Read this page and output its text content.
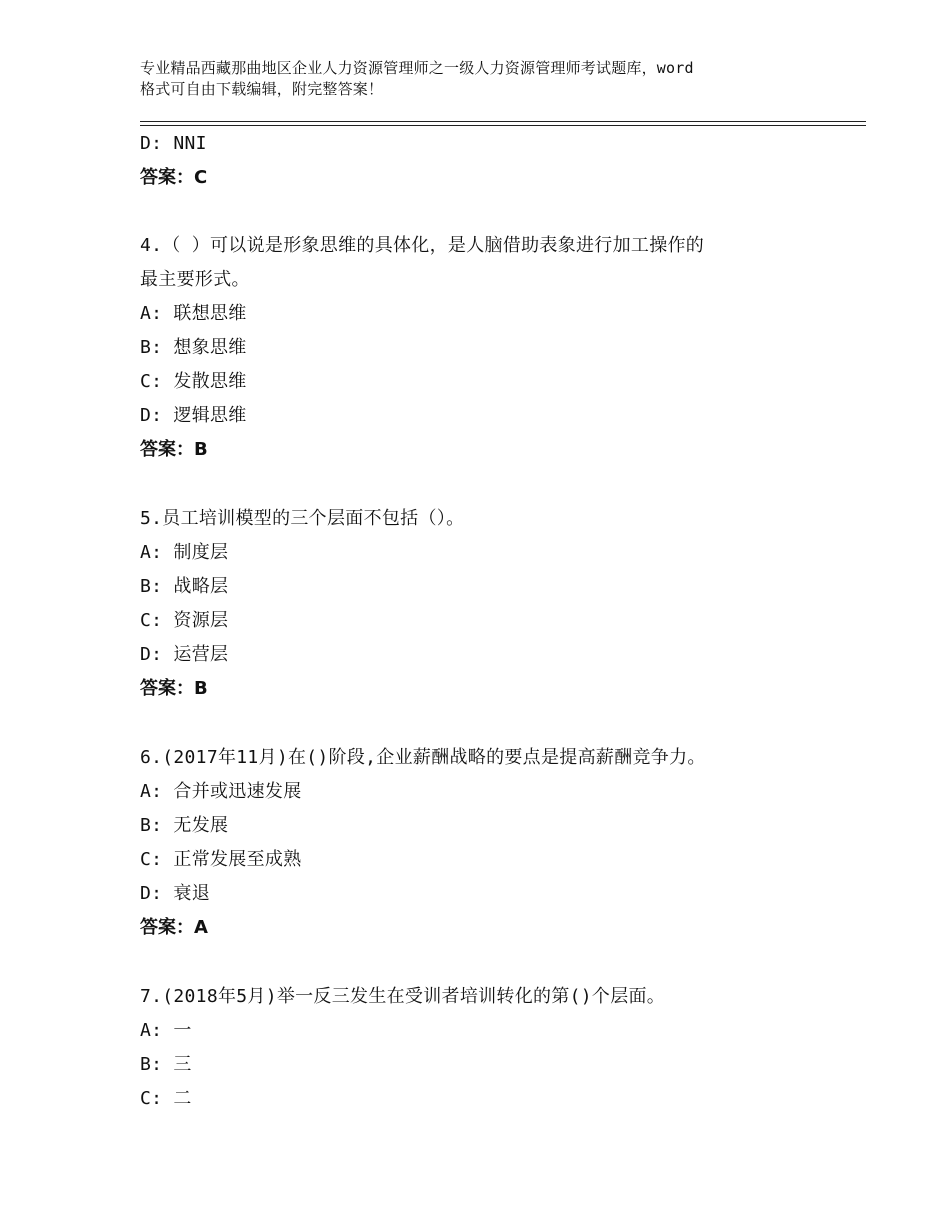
专业精品西藏那曲地区企业人力资源管理师之一级人力资源管理师考试题库，word
格式可自由下载编辑，附完整答案！
D: NNI
答案：C
4.（ ）可以说是形象思维的具体化，是人脑借助表象进行加工操作的
最主要形式。
A: 联想思维
B: 想象思维
C: 发散思维
D: 逻辑思维
答案：B
5.员工培训模型的三个层面不包括（）。
A: 制度层
B: 战略层
C: 资源层
D: 运营层
答案：B
6.(2017年11月)在()阶段,企业薪酬战略的要点是提高薪酬竞争力。
A: 合并或迅速发展
B: 无发展
C: 正常发展至成熟
D: 衰退
答案：A
7.(2018年5月)举一反三发生在受训者培训转化的第()个层面。
A: 一
B: 三
C: 二
